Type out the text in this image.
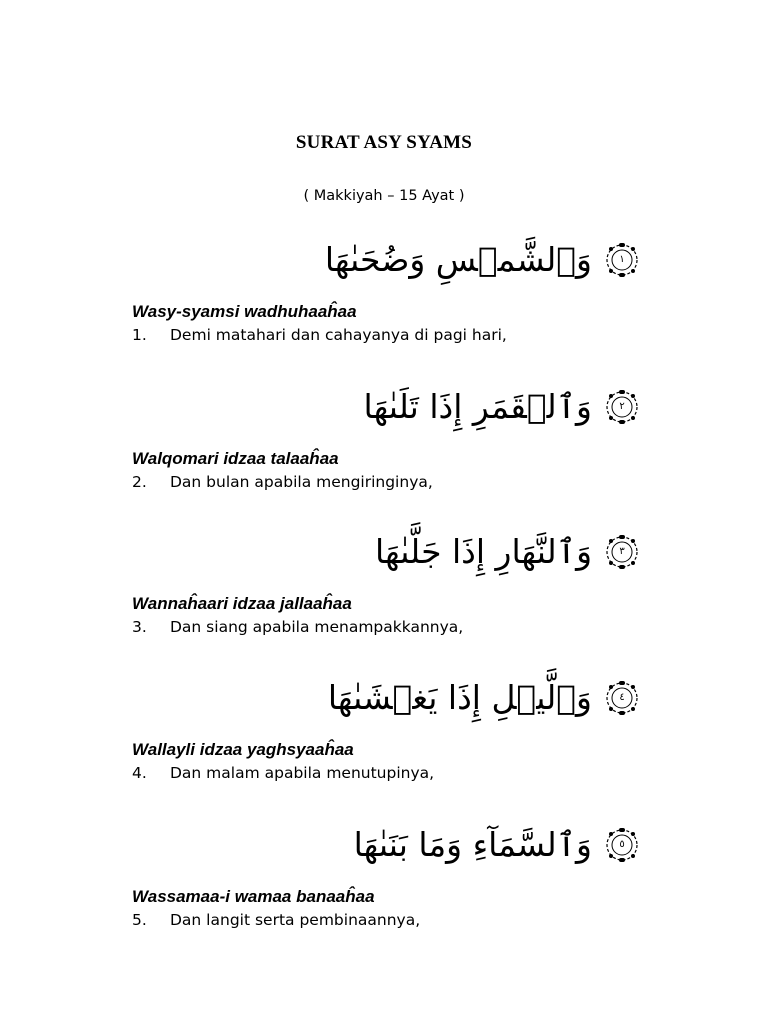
SURAT ASY SYAMS
( Makkiyah – 15 Ayat )
وَٱلشَّمۡسِ وَضُحَىٰهَا	١
Wasy-syamsi wadhuhaaĥaa
1. Demi matahari dan cahayanya di pagi hari,
وَٱلۡقَمَرِ إِذَا تَلَىٰهَا	٢
Walqomari idzaa talaaĥaa
2. Dan bulan apabila mengiringinya,
وَٱلنَّهَارِ إِذَا جَلَّىٰهَا	٣
Wannaĥaari idzaa jallaaĥaa
3. Dan siang apabila menampakkannya,
وَٱلَّيۡلِ إِذَا يَغۡشَىٰهَا	٤
Wallayli idzaa yaghsyaaĥaa
4. Dan malam apabila menutupinya,
وَٱلسَّمَآءِ وَمَا بَنَىٰهَا	٥
Wassamaa-i wamaa banaaĥaa
5. Dan langit serta pembinaannya,
